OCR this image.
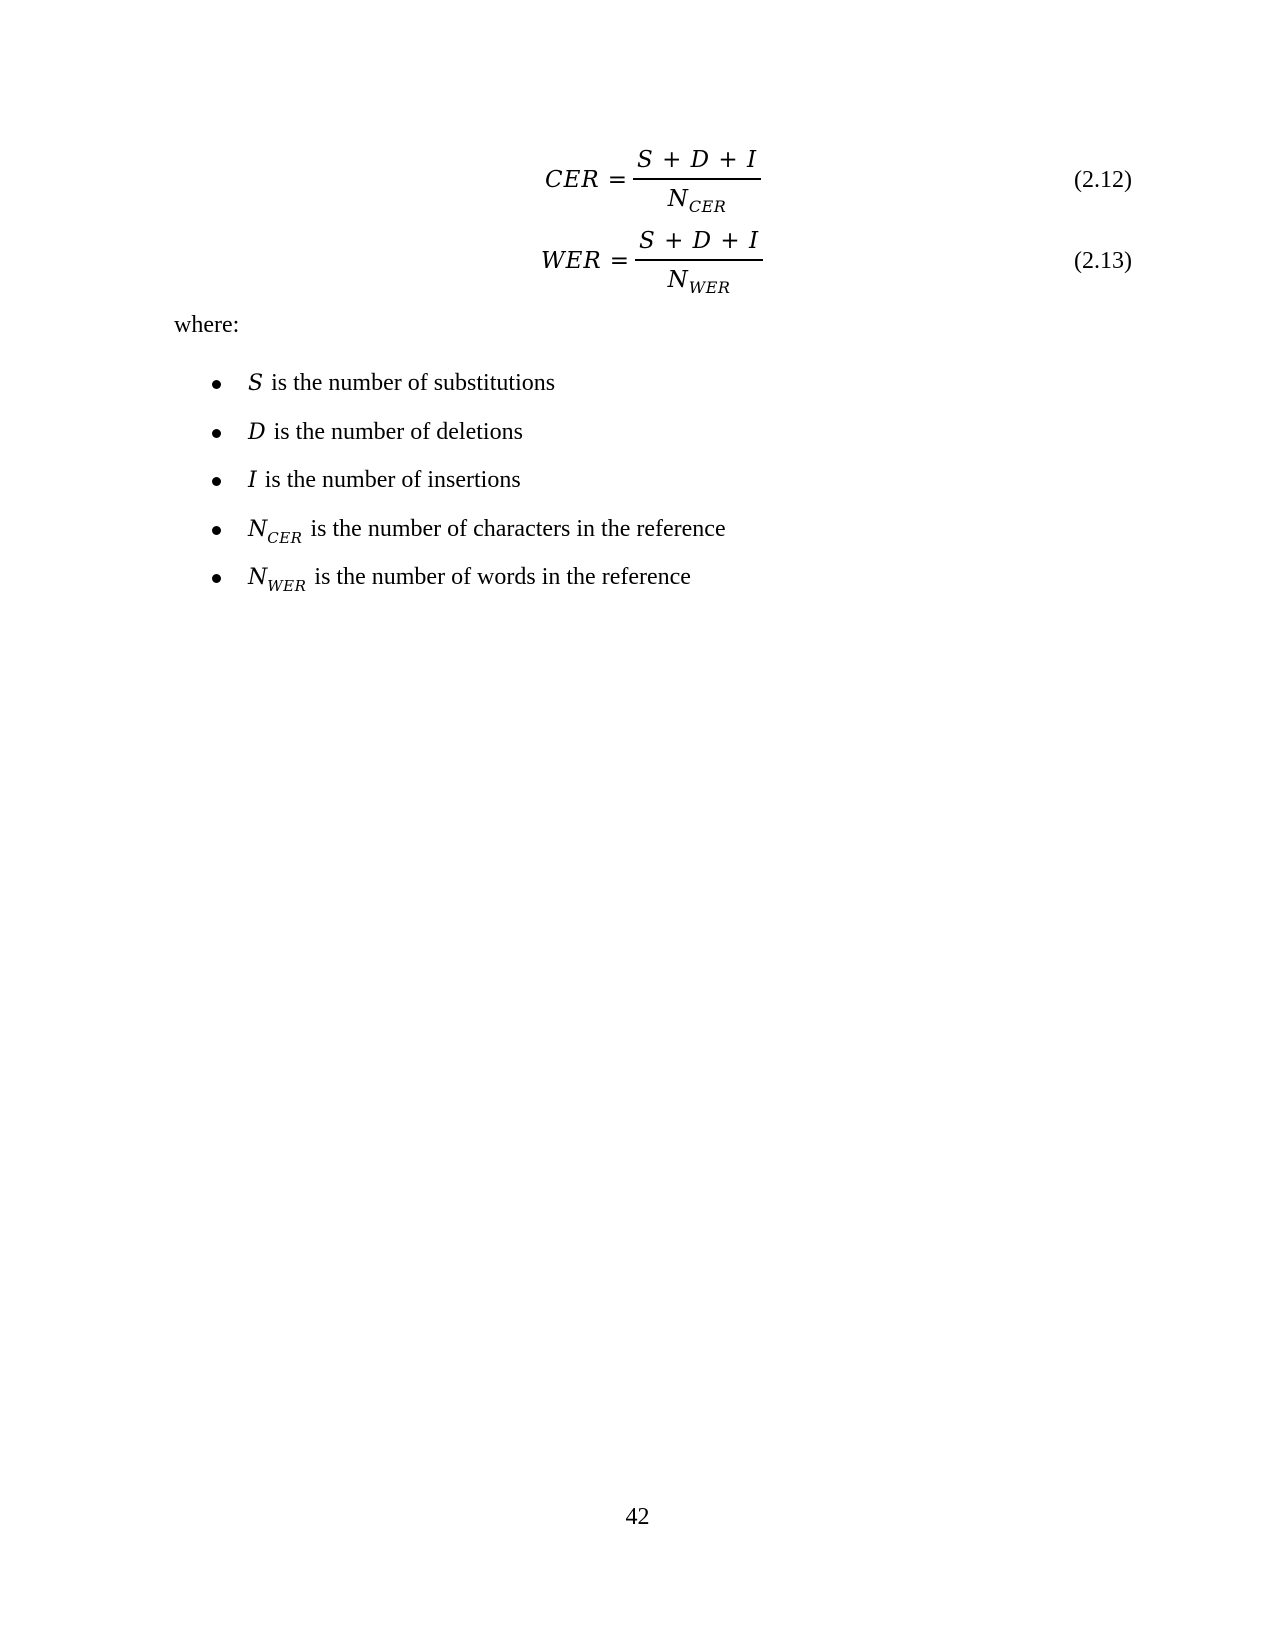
CER = $\frac{S + D + I}{N_{CER}}$	(2.12)
WER = $\frac{S + D + I}{N_{WER}}$	(2.13)
where:
S is the number of substitutions
D is the number of deletions
I is the number of insertions
$N_{CER}$ is the number of characters in the reference
$N_{WER}$ is the number of words in the reference
42
